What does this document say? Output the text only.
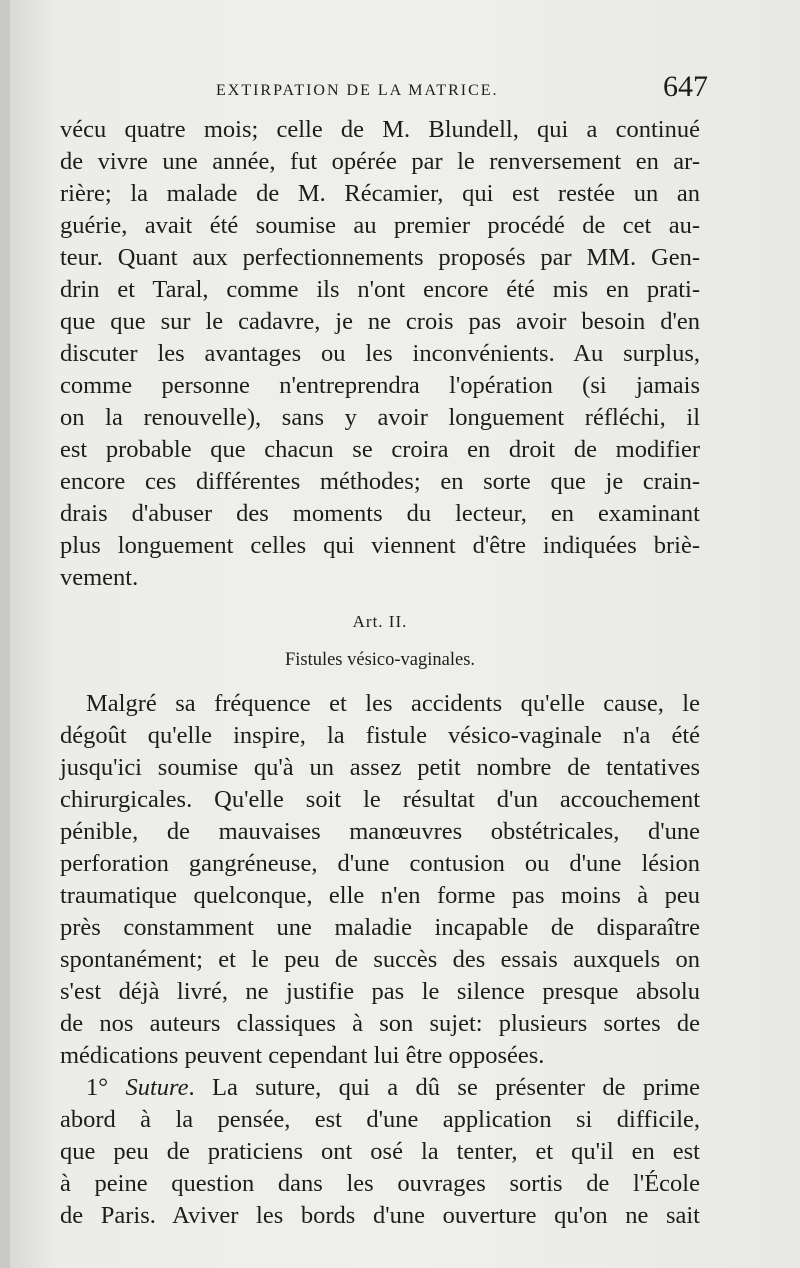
EXTIRPATION DE LA MATRICE.	647
vécu quatre mois; celle de M. Blundell, qui a continué
de vivre une année, fut opérée par le renversement en ar-
rière; la malade de M. Récamier, qui est restée un an
guérie, avait été soumise au premier procédé de cet au-
teur. Quant aux perfectionnements proposés par MM. Gen-
drin et Taral, comme ils n'ont encore été mis en prati-
que que sur le cadavre, je ne crois pas avoir besoin d'en
discuter les avantages ou les inconvénients. Au surplus,
comme personne n'entreprendra l'opération (si jamais
on la renouvelle), sans y avoir longuement réfléchi, il
est probable que chacun se croira en droit de modifier
encore ces différentes méthodes; en sorte que je crain-
drais d'abuser des moments du lecteur, en examinant
plus longuement celles qui viennent d'être indiquées briè-
vement.
Art. II.
Fistules vésico-vaginales.
Malgré sa fréquence et les accidents qu'elle cause, le
dégoût qu'elle inspire, la fistule vésico-vaginale n'a été
jusqu'ici soumise qu'à un assez petit nombre de tentatives
chirurgicales. Qu'elle soit le résultat d'un accouchement
pénible, de mauvaises manœuvres obstétricales, d'une
perforation gangréneuse, d'une contusion ou d'une lésion
traumatique quelconque, elle n'en forme pas moins à peu
près constamment une maladie incapable de disparaître
spontanément; et le peu de succès des essais auxquels on
s'est déjà livré, ne justifie pas le silence presque absolu
de nos auteurs classiques à son sujet: plusieurs sortes de
médications peuvent cependant lui être opposées.
1° Suture. La suture, qui a dû se présenter de prime
abord à la pensée, est d'une application si difficile,
que peu de praticiens ont osé la tenter, et qu'il en est
à peine question dans les ouvrages sortis de l'École
de Paris. Aviver les bords d'une ouverture qu'on ne sait
